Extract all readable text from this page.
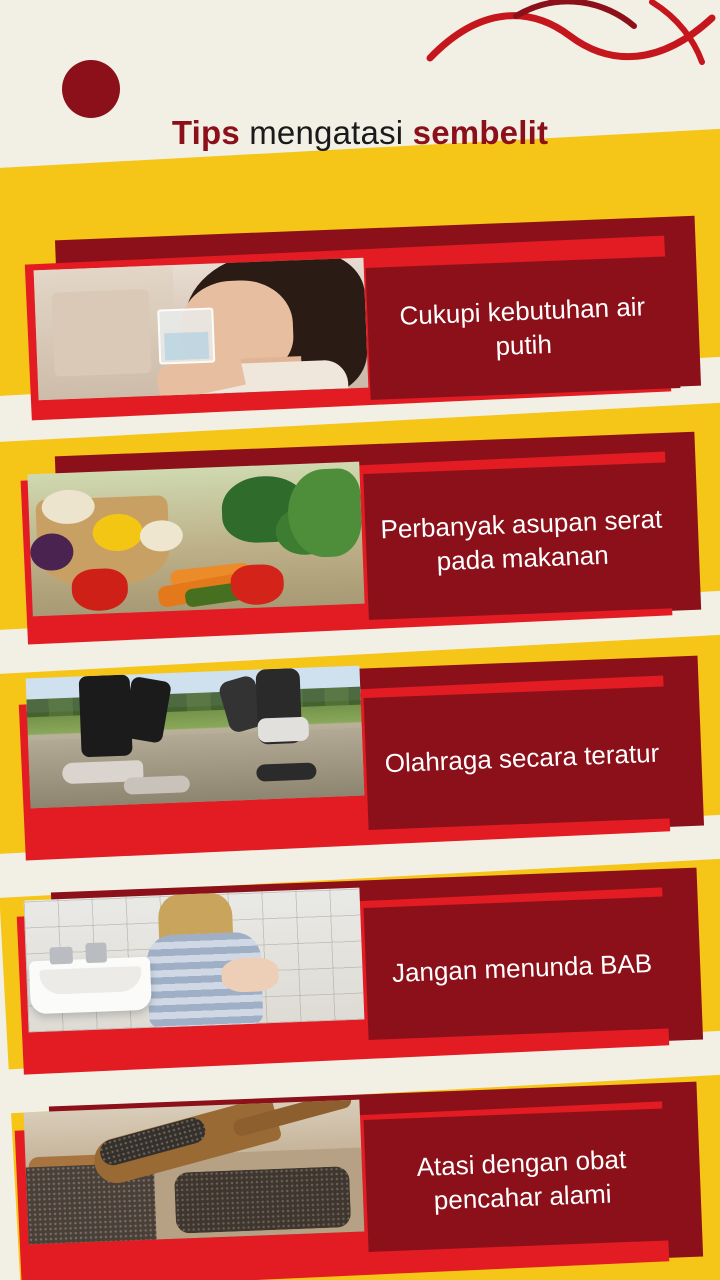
Tips mengatasi sembelit

Cukupi kebutuhan air putih

Perbanyak asupan serat pada makanan

Olahraga secara teratur

Jangan menunda BAB

Atasi dengan obat pencahar alami
